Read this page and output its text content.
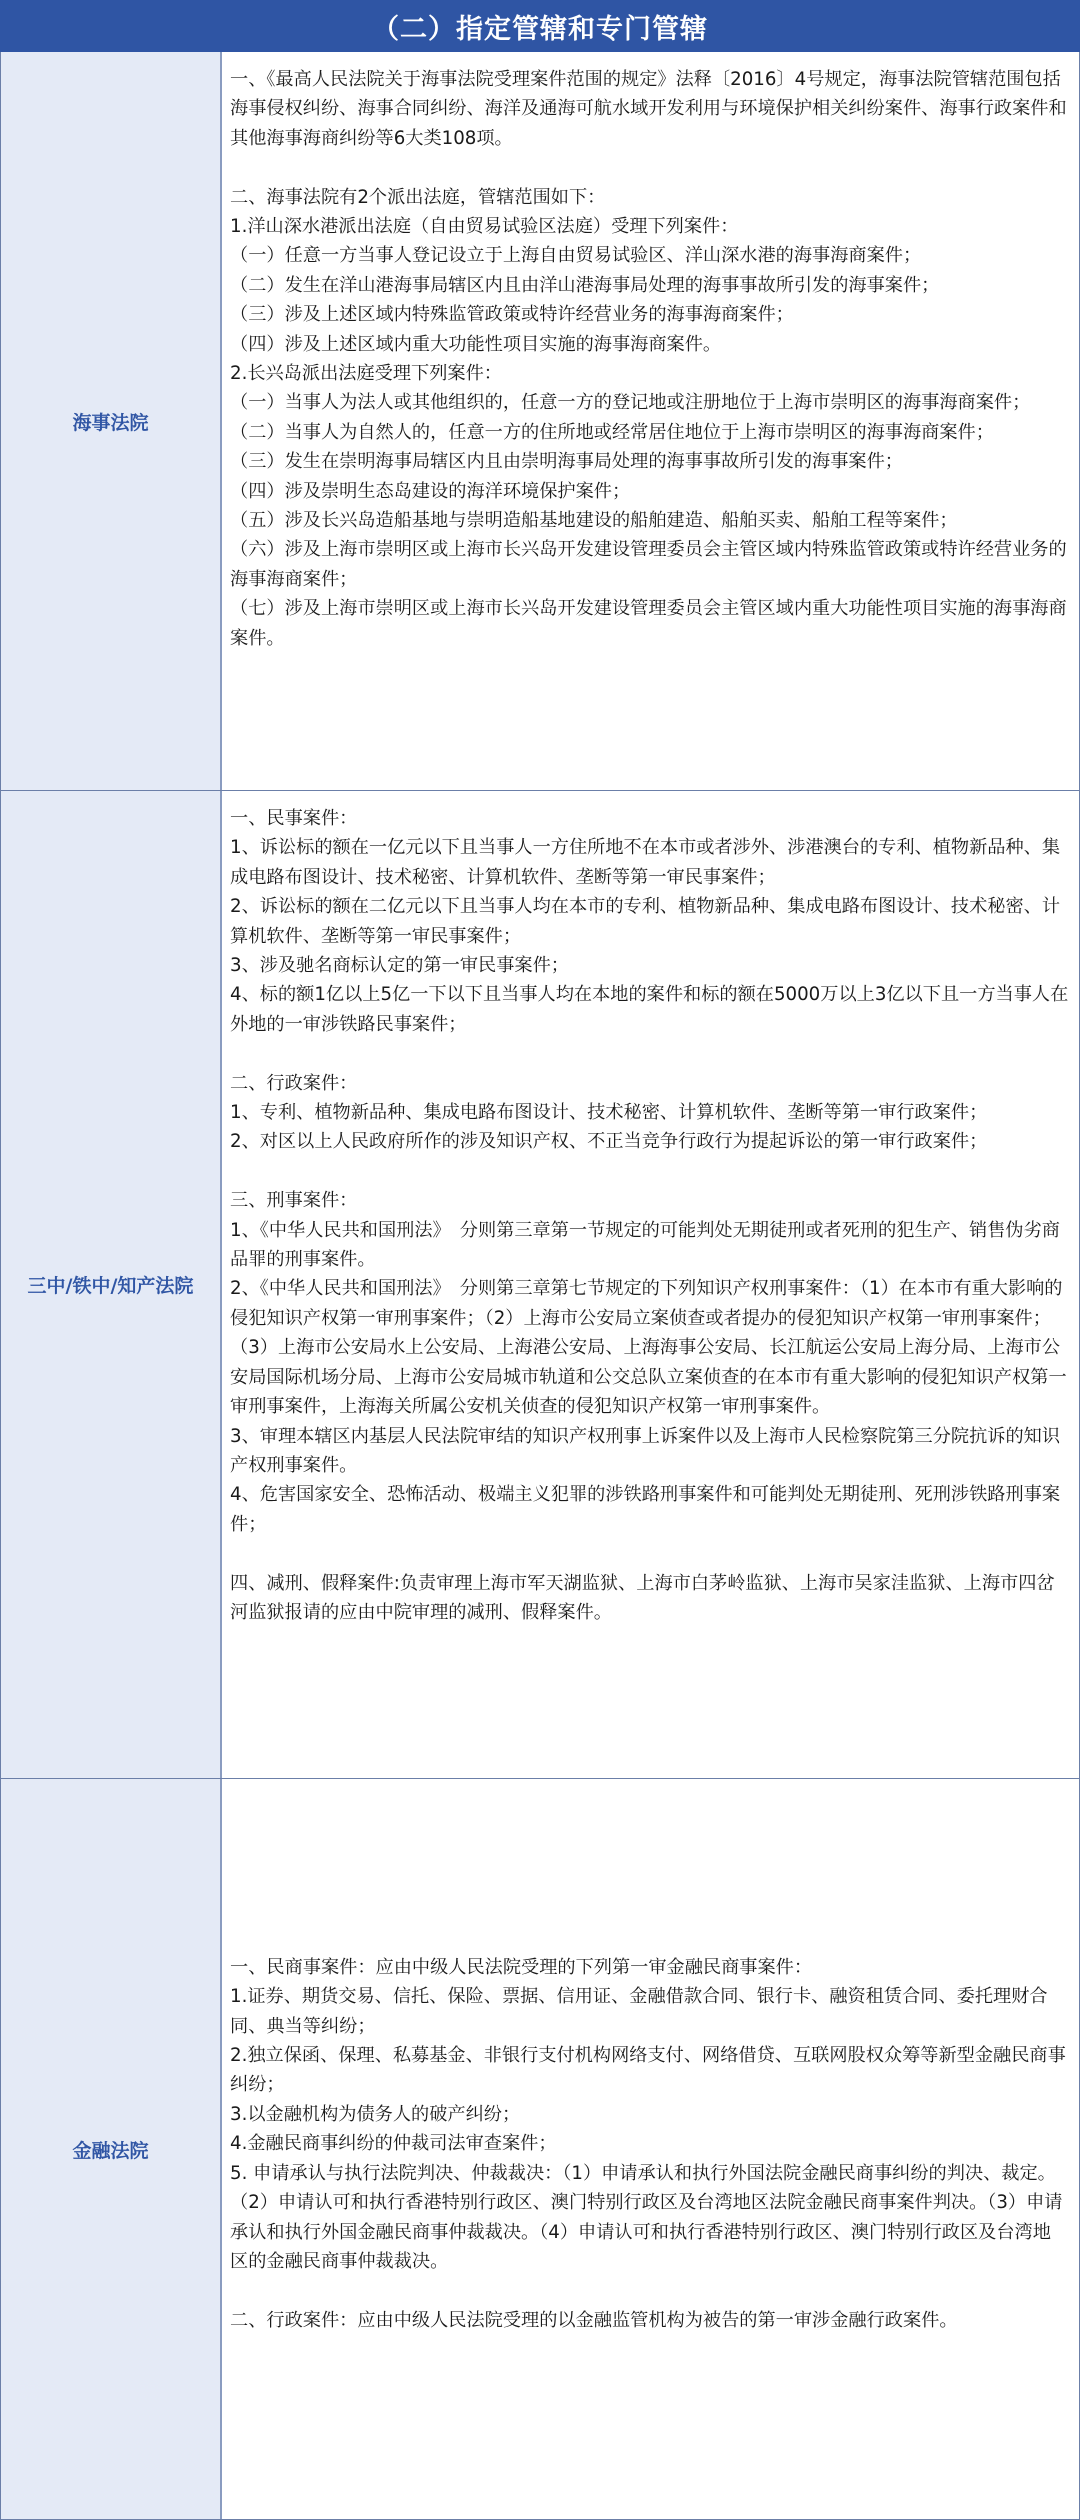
（二）指定管辖和专门管辖
海事法院
一、《最高人民法院关于海事法院受理案件范围的规定》法释〔2016〕4号规定，海事法院管辖范围包括海事侵权纠纷、海事合同纠纷、海洋及通海可航水域开发利用与环境保护相关纠纷案件、海事行政案件和其他海事海商纠纷等6大类108项。
二、海事法院有2个派出法庭，管辖范围如下：
1.洋山深水港派出法庭（自由贸易试验区法庭）受理下列案件：
（一）任意一方当事人登记设立于上海自由贸易试验区、洋山深水港的海事海商案件；
（二）发生在洋山港海事局辖区内且由洋山港海事局处理的海事事故所引发的海事案件；
（三）涉及上述区域内特殊监管政策或特许经营业务的海事海商案件；
（四）涉及上述区域内重大功能性项目实施的海事海商案件。
2.长兴岛派出法庭受理下列案件：
（一）当事人为法人或其他组织的，任意一方的登记地或注册地位于上海市崇明区的海事海商案件；
（二）当事人为自然人的，任意一方的住所地或经常居住地位于上海市崇明区的海事海商案件；
（三）发生在崇明海事局辖区内且由崇明海事局处理的海事事故所引发的海事案件；
（四）涉及崇明生态岛建设的海洋环境保护案件；
（五）涉及长兴岛造船基地与崇明造船基地建设的船舶建造、船舶买卖、船舶工程等案件；
（六）涉及上海市崇明区或上海市长兴岛开发建设管理委员会主管区域内特殊监管政策或特许经营业务的海事海商案件；
（七）涉及上海市崇明区或上海市长兴岛开发建设管理委员会主管区域内重大功能性项目实施的海事海商案件。
三中/铁中/知产法院
一、民事案件：
1、诉讼标的额在一亿元以下且当事人一方住所地不在本市或者涉外、涉港澳台的专利、植物新品种、集成电路布图设计、技术秘密、计算机软件、垄断等第一审民事案件；
2、诉讼标的额在二亿元以下且当事人均在本市的专利、植物新品种、集成电路布图设计、技术秘密、计算机软件、垄断等第一审民事案件；
3、涉及驰名商标认定的第一审民事案件；
4、标的额1亿以上5亿一下以下且当事人均在本地的案件和标的额在5000万以上3亿以下且一方当事人在外地的一审涉铁路民事案件；
二、行政案件：
1、专利、植物新品种、集成电路布图设计、技术秘密、计算机软件、垄断等第一审行政案件；
2、对区以上人民政府所作的涉及知识产权、不正当竞争行政行为提起诉讼的第一审行政案件；
三、刑事案件：
1、《中华人民共和国刑法》　分则第三章第一节规定的可能判处无期徒刑或者死刑的犯生产、销售伪劣商品罪的刑事案件。
2、《中华人民共和国刑法》　分则第三章第七节规定的下列知识产权刑事案件：（1）在本市有重大影响的侵犯知识产权第一审刑事案件；（2）上海市公安局立案侦查或者提办的侵犯知识产权第一审刑事案件；（3）上海市公安局水上公安局、上海港公安局、上海海事公安局、长江航运公安局上海分局、上海市公安局国际机场分局、上海市公安局城市轨道和公交总队立案侦查的在本市有重大影响的侵犯知识产权第一审刑事案件，上海海关所属公安机关侦查的侵犯知识产权第一审刑事案件。
3、审理本辖区内基层人民法院审结的知识产权刑事上诉案件以及上海市人民检察院第三分院抗诉的知识产权刑事案件。
4、危害国家安全、恐怖活动、极端主义犯罪的涉铁路刑事案件和可能判处无期徒刑、死刑涉铁路刑事案件；
四、减刑、假释案件:负责审理上海市军天湖监狱、上海市白茅岭监狱、上海市吴家洼监狱、上海市四岔河监狱报请的应由中院审理的减刑、假释案件。
金融法院
一、民商事案件：应由中级人民法院受理的下列第一审金融民商事案件：
1.证券、期货交易、信托、保险、票据、信用证、金融借款合同、银行卡、融资租赁合同、委托理财合同、典当等纠纷；
2.独立保函、保理、私募基金、非银行支付机构网络支付、网络借贷、互联网股权众筹等新型金融民商事纠纷；
3.以金融机构为债务人的破产纠纷；
4.金融民商事纠纷的仲裁司法审查案件；
5. 申请承认与执行法院判决、仲裁裁决：（1）申请承认和执行外国法院金融民商事纠纷的判决、裁定。（2）申请认可和执行香港特别行政区、澳门特别行政区及台湾地区法院金融民商事案件判决。（3）申请承认和执行外国金融民商事仲裁裁决。（4）申请认可和执行香港特别行政区、澳门特别行政区及台湾地区的金融民商事仲裁裁决。
二、行政案件：应由中级人民法院受理的以金融监管机构为被告的第一审涉金融行政案件。
